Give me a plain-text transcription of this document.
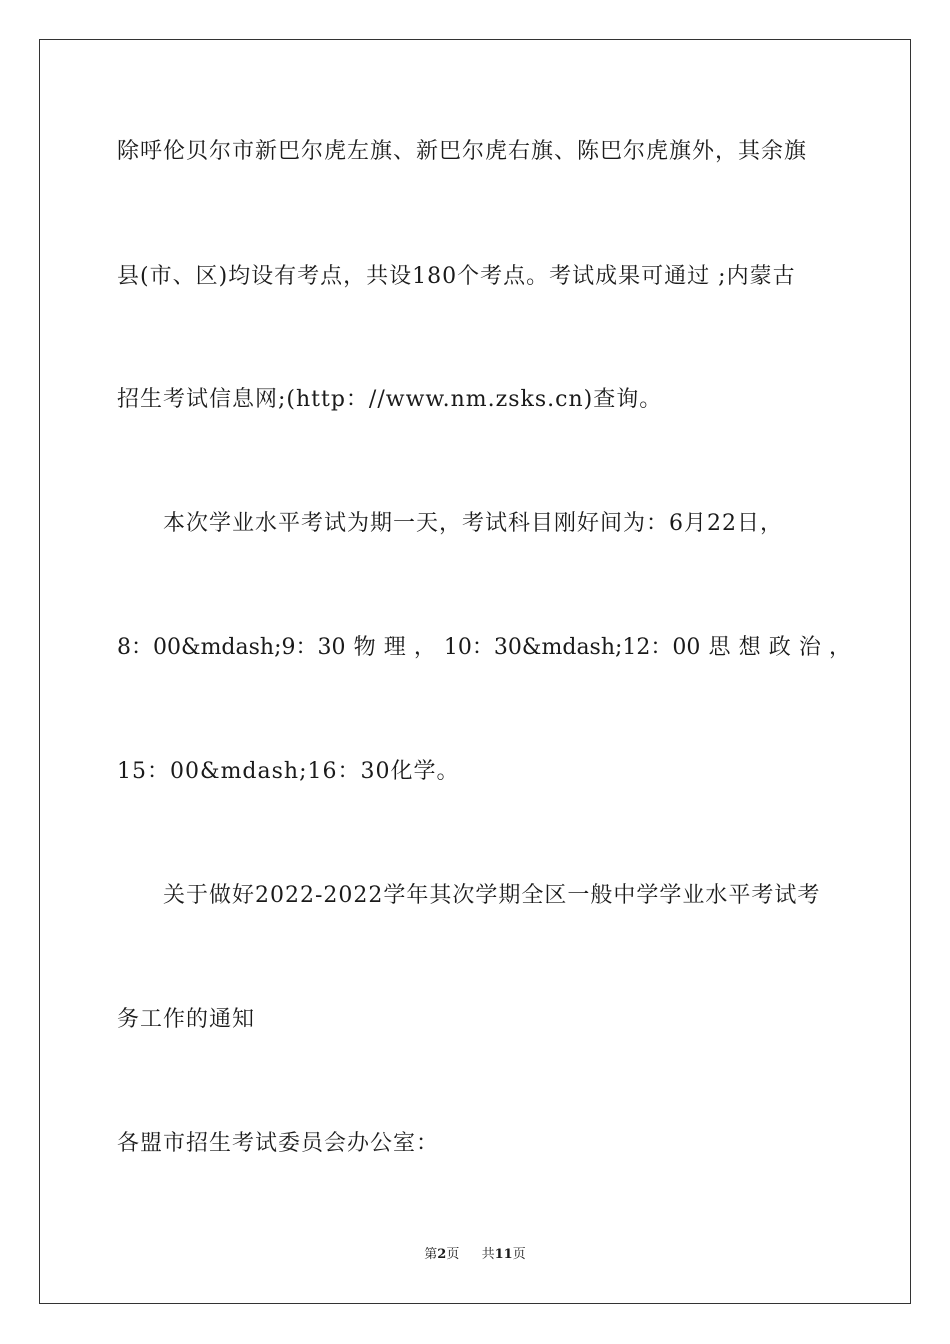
除呼伦贝尔市新巴尔虎左旗、新巴尔虎右旗、陈巴尔虎旗外，其余旗
县(市、区)均设有考点，共设180个考点。考试成果可通过 ;内蒙古
招生考试信息网;(http：//www.nm.zsks.cn)查询。
本次学业水平考试为期一天，考试科目刚好间为：6月22日，
8：00&mdash;9：30 物 理 ， 10：30&mdash;12：00 思 想 政 治 ，
15：00&mdash;16：30化学。
关于做好2022-2022学年其次学期全区一般中学学业水平考试考
务工作的通知
各盟市招生考试委员会办公室：
第2页 共11页
